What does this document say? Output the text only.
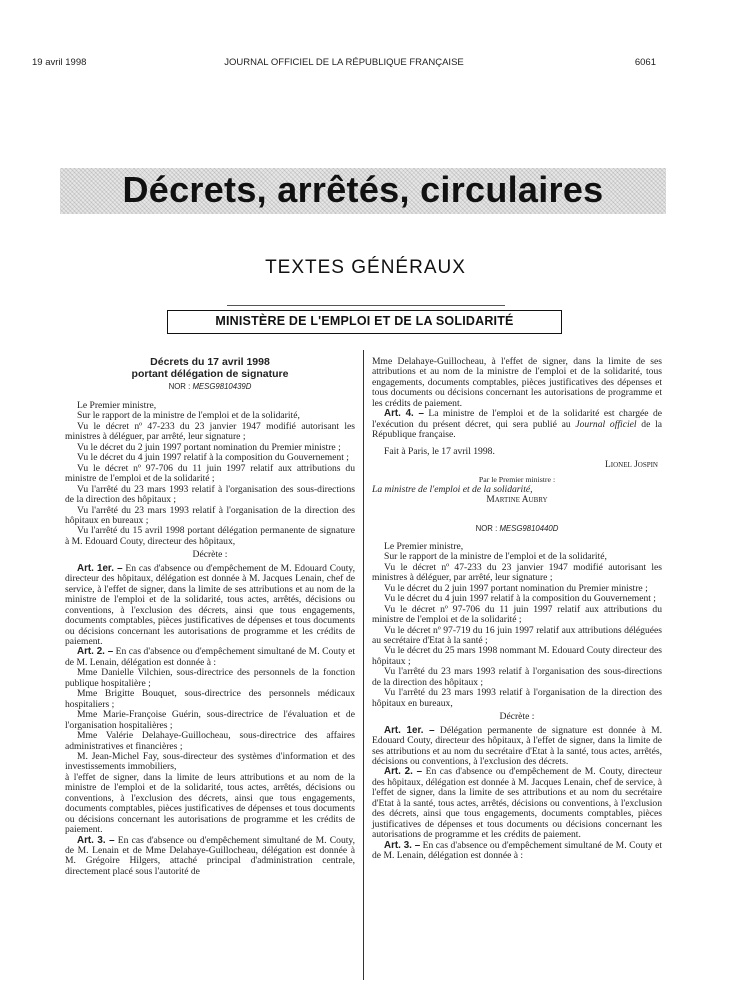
19 avril 1998	JOURNAL OFFICIEL DE LA RÉPUBLIQUE FRANÇAISE	6061
Décrets, arrêtés, circulaires
TEXTES GÉNÉRAUX
MINISTÈRE DE L'EMPLOI ET DE LA SOLIDARITÉ
Décrets du 17 avril 1998
portant délégation de signature
NOR : MESG9810439D

Le Premier ministre,

Sur le rapport de la ministre de l'emploi et de la solidarité,

Vu le décret nº 47-233 du 23 janvier 1947 modifié autorisant les ministres à déléguer, par arrêté, leur signature ;

Vu le décret du 2 juin 1997 portant nomination du Premier ministre ;

Vu le décret du 4 juin 1997 relatif à la composition du Gouvernement ;

Vu le décret nº 97-706 du 11 juin 1997 relatif aux attributions du ministre de l'emploi et de la solidarité ;

Vu l'arrêté du 23 mars 1993 relatif à l'organisation des sous-directions de la direction des hôpitaux ;

Vu l'arrêté du 23 mars 1993 relatif à l'organisation de la direction des hôpitaux en bureaux ;

Vu l'arrêté du 15 avril 1998 portant délégation permanente de signature à M. Edouard Couty, directeur des hôpitaux,

Décrète :

Art. 1er. – En cas d'absence ou d'empêchement de M. Edouard Couty, directeur des hôpitaux, délégation est donnée à M. Jacques Lenain, chef de service, à l'effet de signer, dans la limite de ses attributions et au nom de la ministre de l'emploi et de la solidarité, tous actes, arrêtés, décisions ou conventions, à l'exclusion des décrets, ainsi que tous engagements, documents comptables, pièces justificatives de dépenses et tous documents ou décisions concernant les autorisations de programme et les crédits de paiement.

Art. 2. – En cas d'absence ou d'empêchement simultané de M. Couty et de M. Lenain, délégation est donnée à :

Mme Danielle Vilchien, sous-directrice des personnels de la fonction publique hospitalière ;

Mme Brigitte Bouquet, sous-directrice des personnels médicaux hospitaliers ;

Mme Marie-Françoise Guérin, sous-directrice de l'évaluation et de l'organisation hospitalières ;

Mme Valérie Delahaye-Guillocheau, sous-directrice des affaires administratives et financières ;

M. Jean-Michel Fay, sous-directeur des systèmes d'information et des investissements immobiliers,

à l'effet de signer, dans la limite de leurs attributions et au nom de la ministre de l'emploi et de la solidarité, tous actes, arrêtés, décisions ou conventions, à l'exclusion des décrets, ainsi que tous engagements, documents comptables, pièces justificatives de dépenses et tous documents ou décisions concernant les autorisations de programme et les crédits de paiement.

Art. 3. – En cas d'absence ou d'empêchement simultané de M. Couty, de M. Lenain et de Mme Delahaye-Guillocheau, délégation est donnée à M. Grégoire Hilgers, attaché principal d'administration centrale, directement placé sous l'autorité de

Mme Delahaye-Guillocheau, à l'effet de signer, dans la limite de ses attributions et au nom de la ministre de l'emploi et de la solidarité, tous engagements, documents comptables, pièces justificatives des dépenses et tous documents ou décisions concernant les autorisations de programme et les crédits de paiement.

Art. 4. – La ministre de l'emploi et de la solidarité est chargée de l'exécution du présent décret, qui sera publié au Journal officiel de la République française.

Fait à Paris, le 17 avril 1998.

Lionel Jospin
Par le Premier ministre :

La ministre de l'emploi et de la solidarité,

Martine Aubry
NOR : MESG9810440D

Le Premier ministre,

Sur le rapport de la ministre de l'emploi et de la solidarité,

Vu le décret nº 47-233 du 23 janvier 1947 modifié autorisant les ministres à déléguer, par arrêté, leur signature ;

Vu le décret du 2 juin 1997 portant nomination du Premier ministre ;

Vu le décret du 4 juin 1997 relatif à la composition du Gouvernement ;

Vu le décret nº 97-706 du 11 juin 1997 relatif aux attributions du ministre de l'emploi et de la solidarité ;

Vu le décret nº 97-719 du 16 juin 1997 relatif aux attributions déléguées au secrétaire d'Etat à la santé ;

Vu le décret du 25 mars 1998 nommant M. Edouard Couty directeur des hôpitaux ;

Vu l'arrêté du 23 mars 1993 relatif à l'organisation des sous-directions de la direction des hôpitaux ;

Vu l'arrêté du 23 mars 1993 relatif à l'organisation de la direction des hôpitaux en bureaux,

Décrète :

Art. 1er. – Délégation permanente de signature est donnée à M. Edouard Couty, directeur des hôpitaux, à l'effet de signer, dans la limite de ses attributions et au nom du secrétaire d'Etat à la santé, tous actes, arrêtés, décisions ou conventions, à l'exclusion des décrets.

Art. 2. – En cas d'absence ou d'empêchement de M. Couty, directeur des hôpitaux, délégation est donnée à M. Jacques Lenain, chef de service, à l'effet de signer, dans la limite de ses attributions et au nom du secrétaire d'Etat à la santé, tous actes, arrêtés, décisions ou conventions, à l'exclusion des décrets, ainsi que tous engagements, documents comptables, pièces justificatives de dépenses et tous documents ou décisions concernant les autorisations de programme et les crédits de paiement.

Art. 3. – En cas d'absence ou d'empêchement simultané de M. Couty et de M. Lenain, délégation est donnée à :
